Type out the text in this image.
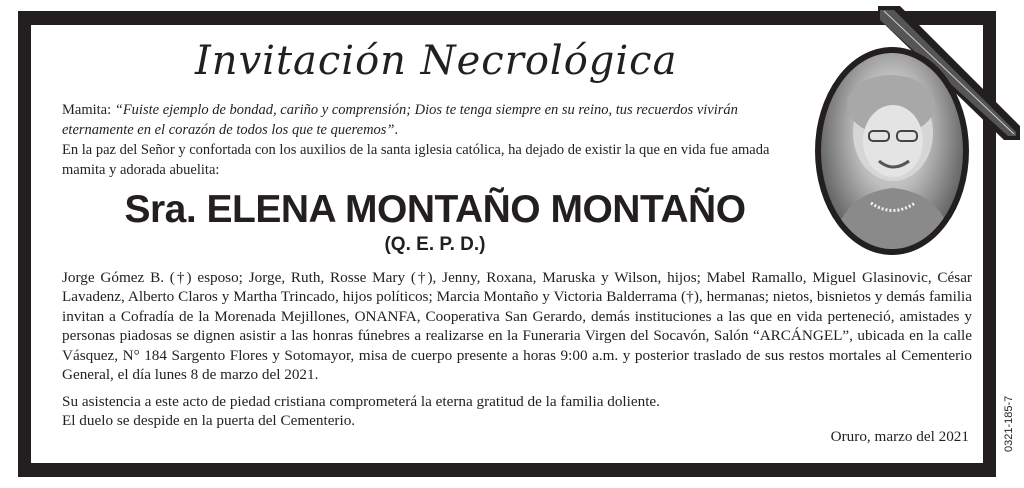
Invitación Necrológica
Mamita: “Fuiste ejemplo de bondad, cariño y comprensión; Dios te tenga siempre en su reino, tus recuerdos vivirán eternamente en el corazón de todos los que te queremos”.
En la paz del Señor y confortada con los auxilios de la santa iglesia católica, ha dejado de existir la que en vida fue amada mamita y adorada abuelita:
Sra. ELENA MONTAÑO MONTAÑO
(Q. E. P. D.)

Jorge Gómez B. (†) esposo; Jorge, Ruth, Rosse Mary (†), Jenny, Roxana, Maruska y Wilson, hijos; Mabel Ramallo, Miguel Glasinovic, César Lavadenz, Alberto Claros y Martha Trincado, hijos políticos; Marcia Montaño y Victoria Balderrama (†), hermanas; nietos, bisnietos y demás familia invitan a Cofradía de la Morenada Mejillones, ONANFA, Cooperativa San Gerardo, demás instituciones a las que en vida perteneció, amistades y personas piadosas se dignen asistir a las honras fúnebres a realizarse en la Funeraria Virgen del Socavón, Salón “ARCÁNGEL”, ubicada en la calle Vásquez, N° 184 Sargento Flores y Sotomayor, misa de cuerpo presente a horas 9:00 a.m. y posterior traslado de sus restos mortales al Cementerio General, el día lunes 8 de marzo del 2021.

Su asistencia a este acto de piedad cristiana comprometerá la eterna gratitud de la familia doliente.

El duelo se despide en la puerta del Cementerio.

Oruro, marzo del 2021	0321-185-7
